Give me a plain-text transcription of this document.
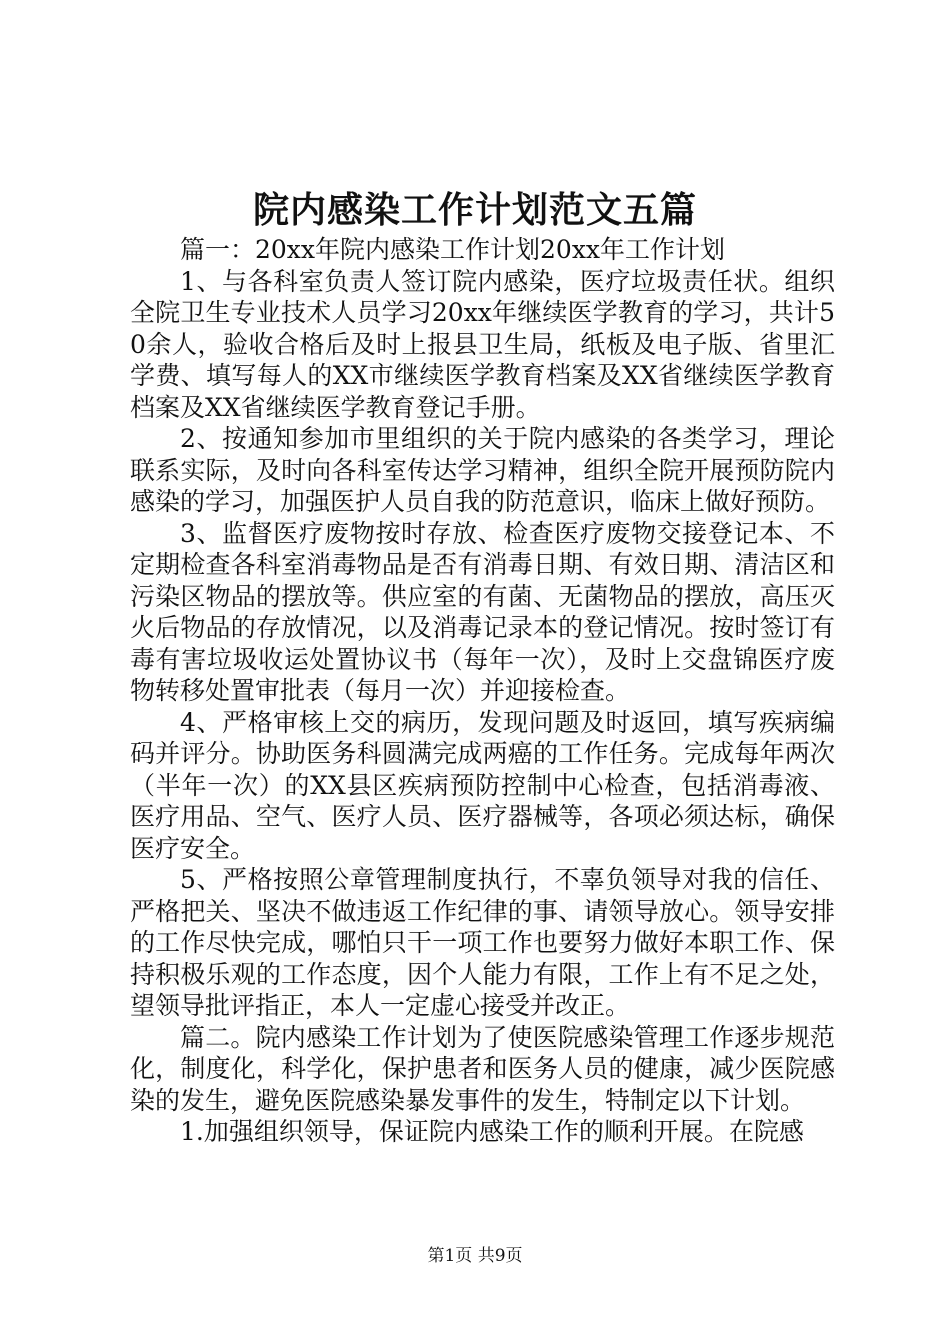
院内感染工作计划范文五篇

篇一：20xx年院内感染工作计划20xx年工作计划

1、与各科室负责人签订院内感染，医疗垃圾责任状。组织全院卫生专业技术人员学习20xx年继续医学教育的学习，共计50余人，验收合格后及时上报县卫生局，纸板及电子版、省里汇学费、填写每人的XX市继续医学教育档案及XX省继续医学教育档案及XX省继续医学教育登记手册。

2、按通知参加市里组织的关于院内感染的各类学习，理论联系实际，及时向各科室传达学习精神，组织全院开展预防院内感染的学习，加强医护人员自我的防范意识，临床上做好预防。

3、监督医疗废物按时存放、检查医疗废物交接登记本、不定期检查各科室消毒物品是否有消毒日期、有效日期、清洁区和污染区物品的摆放等。供应室的有菌、无菌物品的摆放，高压灭火后物品的存放情况，以及消毒记录本的登记情况。按时签订有毒有害垃圾收运处置协议书（每年一次），及时上交盘锦医疗废物转移处置审批表（每月一次）并迎接检查。

4、严格审核上交的病历，发现问题及时返回，填写疾病编码并评分。协助医务科圆满完成两癌的工作任务。完成每年两次（半年一次）的XX县区疾病预防控制中心检查，包括消毒液、医疗用品、空气、医疗人员、医疗器械等，各项必须达标，确保医疗安全。

5、严格按照公章管理制度执行，不辜负领导对我的信任、严格把关、坚决不做违返工作纪律的事、请领导放心。领导安排的工作尽快完成，哪怕只干一项工作也要努力做好本职工作、保持积极乐观的工作态度，因个人能力有限，工作上有不足之处，望领导批评指正，本人一定虚心接受并改正。

篇二。院内感染工作计划为了使医院感染管理工作逐步规范化，制度化，科学化，保护患者和医务人员的健康，减少医院感染的发生，避免医院感染暴发事件的发生，特制定以下计划。

1.加强组织领导，保证院内感染工作的顺利开展。在院感

第1页 共9页
